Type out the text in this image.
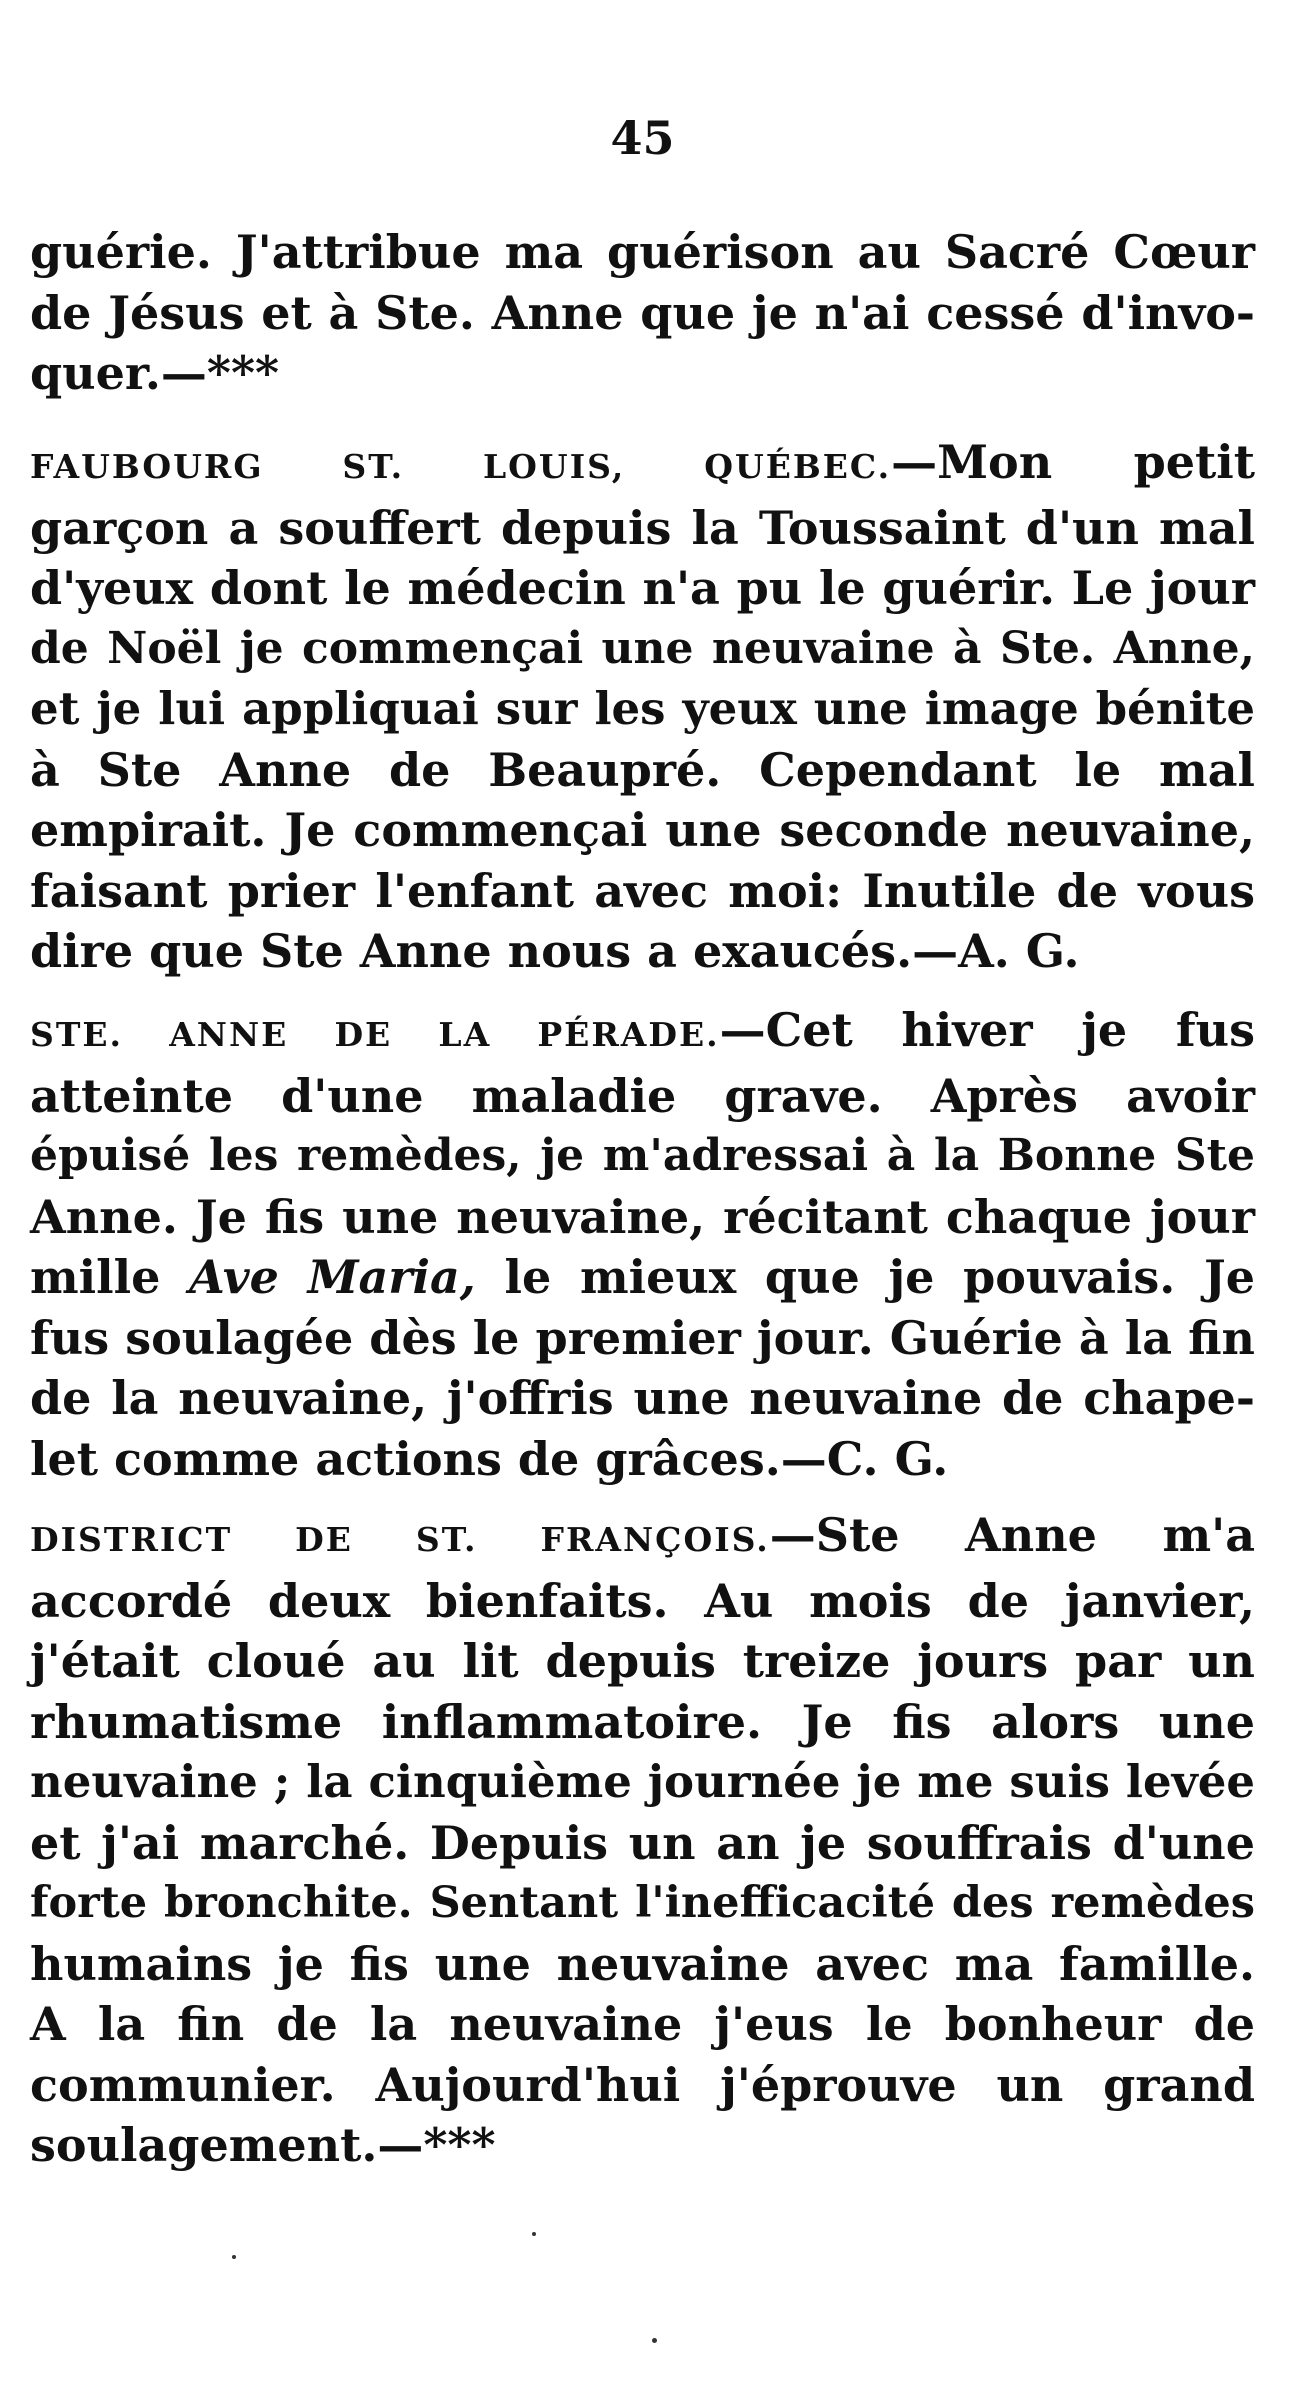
45
guérie. J'attribue ma guérison au Sacré Cœur
de Jésus et à Ste. Anne que je n'ai cessé d'invo-
quer.—***
FAUBOURG ST. LOUIS, QUÉBEC.—Mon petit
garçon a souffert depuis la Toussaint d'un mal
d'yeux dont le médecin n'a pu le guérir. Le jour
de Noël je commençai une neuvaine à Ste. Anne,
et je lui appliquai sur les yeux une image bénite
à Ste Anne de Beaupré. Cependant le mal
empirait. Je commençai une seconde neuvaine,
faisant prier l'enfant avec moi: Inutile de vous
dire que Ste Anne nous a exaucés.—A. G.
STE. ANNE DE LA PÉRADE.—Cet hiver je fus
atteinte d'une maladie grave. Après avoir
épuisé les remèdes, je m'adressai à la Bonne Ste
Anne. Je fis une neuvaine, récitant chaque jour
mille Ave Maria, le mieux que je pouvais. Je
fus soulagée dès le premier jour. Guérie à la fin
de la neuvaine, j'offris une neuvaine de chape-
let comme actions de grâces.—C. G.
DISTRICT DE ST. FRANÇOIS.—Ste Anne m'a
accordé deux bienfaits. Au mois de janvier,
j'était cloué au lit depuis treize jours par un
rhumatisme inflammatoire. Je fis alors une
neuvaine ; la cinquième journée je me suis levée
et j'ai marché. Depuis un an je souffrais d'une
forte bronchite. Sentant l'inefficacité des remèdes
humains je fis une neuvaine avec ma famille.
A la fin de la neuvaine j'eus le bonheur de
communier. Aujourd'hui j'éprouve un grand
soulagement.—***
